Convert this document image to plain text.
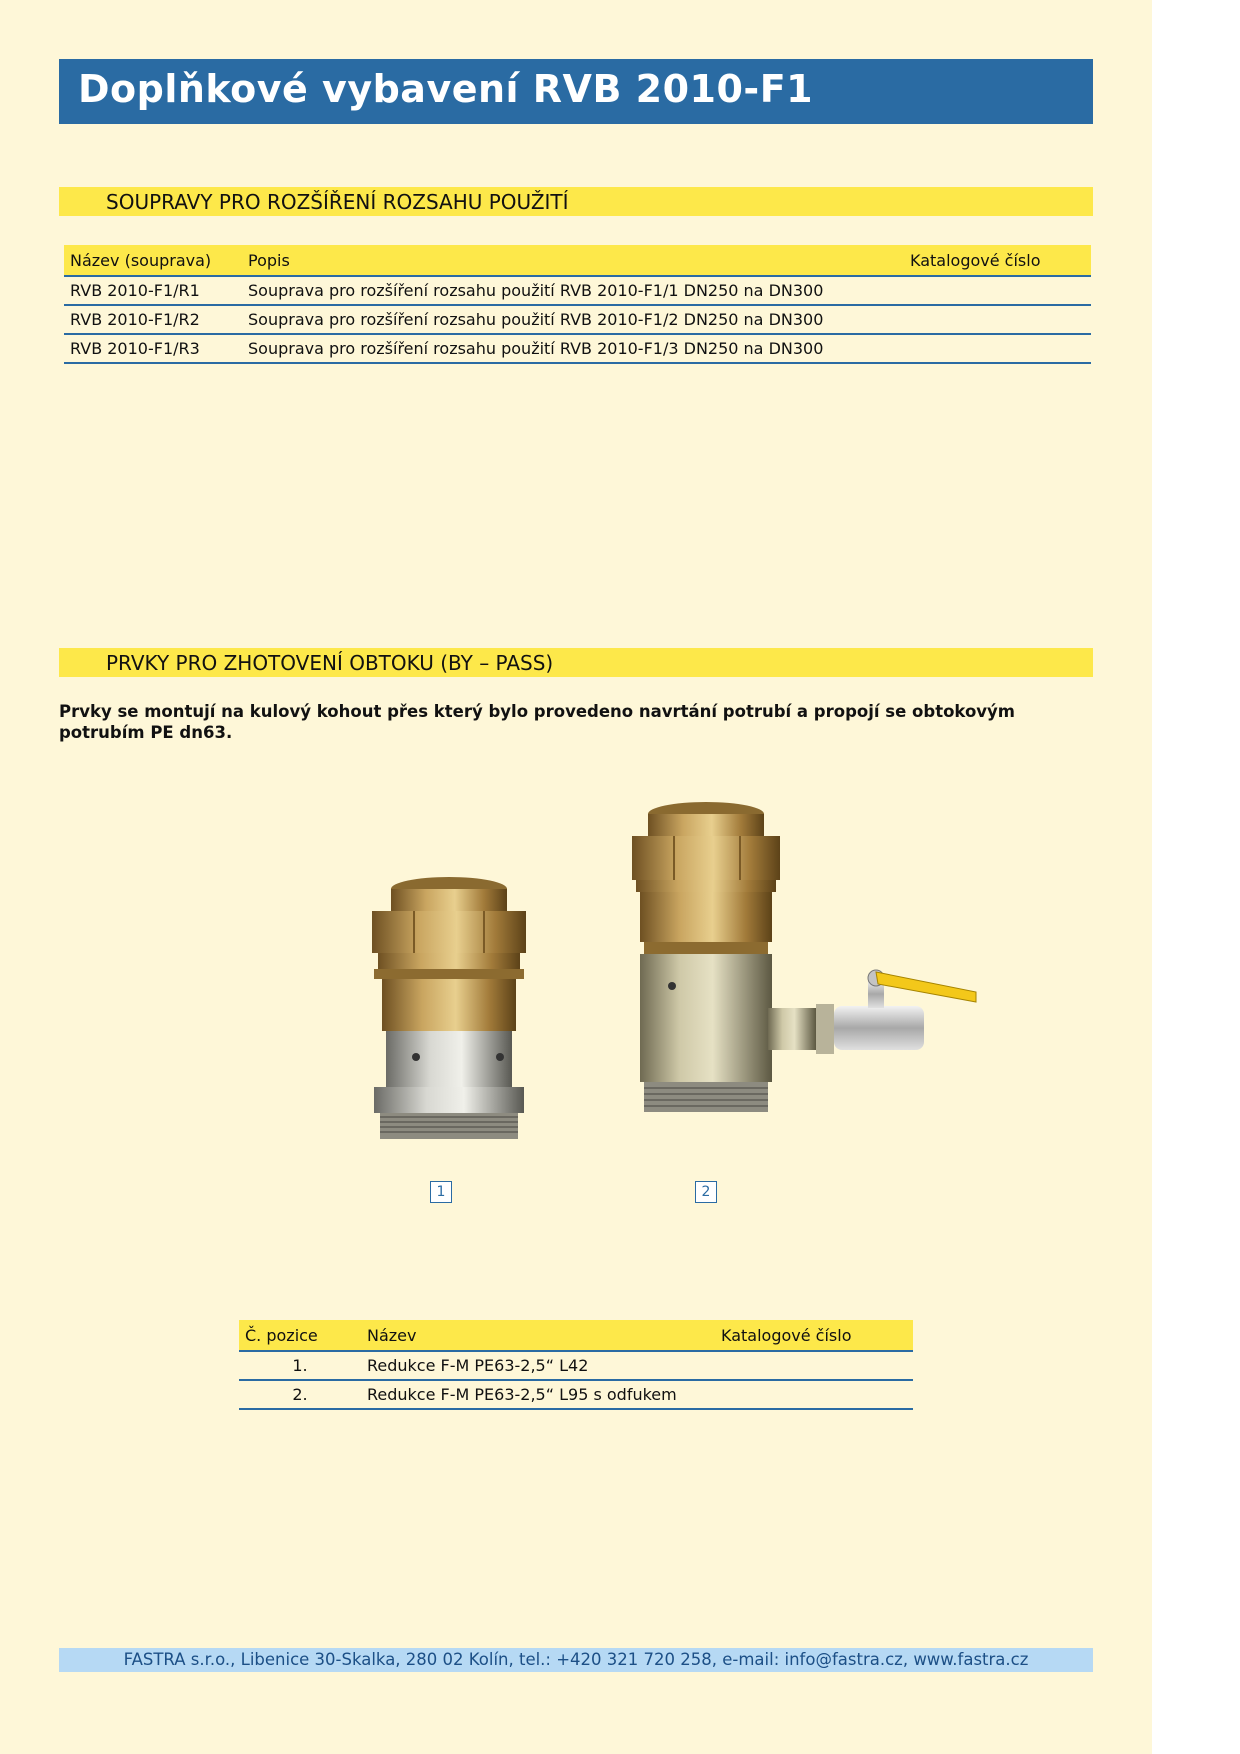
Doplňkové vybavení RVB 2010-F1
SOUPRAVY PRO ROZŠÍŘENÍ ROZSAHU POUŽITÍ
Název (souprava)	Popis	Katalogové číslo
RVB 2010-F1/R1	Souprava pro rozšíření rozsahu použití RVB 2010-F1/1 DN250 na DN300	
RVB 2010-F1/R2	Souprava pro rozšíření rozsahu použití RVB 2010-F1/2 DN250 na DN300	
RVB 2010-F1/R3	Souprava pro rozšíření rozsahu použití RVB 2010-F1/3 DN250 na DN300	
PRVKY PRO ZHOTOVENÍ OBTOKU (BY – PASS)
Prvky se montují na kulový kohout přes který bylo provedeno navrtání potrubí a propojí se obtokovým potrubím PE dn63.
1	2
Č. pozice	Název	Katalogové číslo
1.	Redukce F-M PE63-2,5“ L42	
2.	Redukce F-M PE63-2,5“ L95 s odfukem	
FASTRA s.r.o., Libenice 30-Skalka, 280 02 Kolín, tel.: +420 321 720 258, e-mail: info@fastra.cz, www.fastra.cz
